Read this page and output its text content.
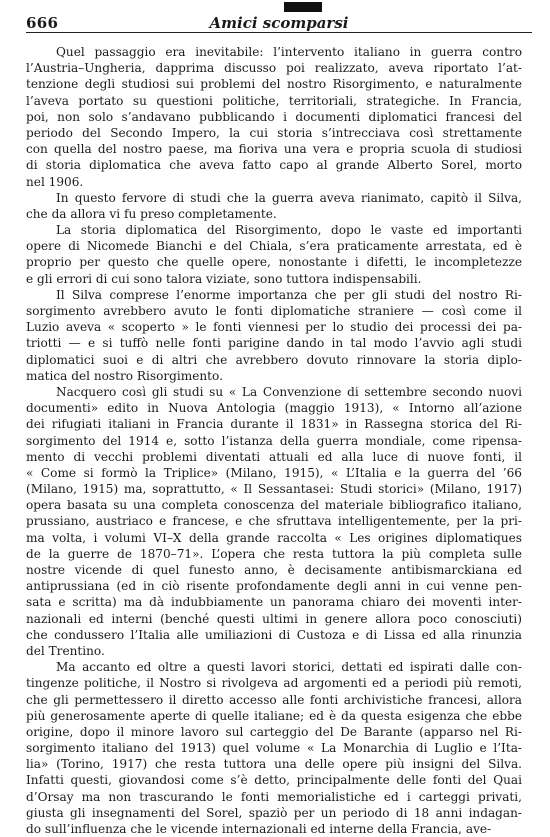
666	Amici scomparsi
Quel passaggio era inevitabile: l’intervento italiano in guerra contro
l’Austria–Ungheria, dapprima discusso poi realizzato, aveva riportato l’at-
tenzione degli studiosi sui problemi del nostro Risorgimento, e naturalmente
l’aveva portato su questioni politiche, territoriali, strategiche. In Francia,
poi, non solo s’andavano pubblicando i documenti diplomatici francesi del
periodo del Secondo Impero, la cui storia s’intrecciava così strettamente
con quella del nostro paese, ma fioriva una vera e propria scuola di studiosi
di storia diplomatica che aveva fatto capo al grande Alberto Sorel, morto
nel 1906.
In questo fervore di studi che la guerra aveva rianimato, capitò il Silva,
che da allora vi fu preso completamente.
La storia diplomatica del Risorgimento, dopo le vaste ed importanti
opere di Nicomede Bianchi e del Chiala, s’era praticamente arrestata, ed è
proprio per questo che quelle opere, nonostante i difetti, le incompletezze
e gli errori di cui sono talora viziate, sono tuttora indispensabili.
Il Silva comprese l’enorme importanza che per gli studi del nostro Ri-
sorgimento avrebbero avuto le fonti diplomatiche straniere — così come il
Luzio aveva « scoperto » le fonti viennesi per lo studio dei processi dei pa-
triotti — e si tuffò nelle fonti parigine dando in tal modo l’avvio agli studi
diplomatici suoi e di altri che avrebbero dovuto rinnovare la storia diplo-
matica del nostro Risorgimento.
Nacquero così gli studi su « La Convenzione di settembre secondo nuovi
documenti» edito in Nuova Antologia (maggio 1913), « Intorno all’azione
dei rifugiati italiani in Francia durante il 1831» in Rassegna storica del Ri-
sorgimento del 1914 e, sotto l’istanza della guerra mondiale, come ripensa-
mento di vecchi problemi diventati attuali ed alla luce di nuove fonti, il
« Come si formò la Triplice» (Milano, 1915), « L’Italia e la guerra del ’66
(Milano, 1915) ma, soprattutto, « Il Sessantasei: Studi storici» (Milano, 1917)
opera basata su una completa conoscenza del materiale bibliografico italiano,
prussiano, austriaco e francese, e che sfruttava intelligentemente, per la pri-
ma volta, i volumi VI–X della grande raccolta « Les origines diplomatiques
de la guerre de 1870–71». L’opera che resta tuttora la più completa sulle
nostre vicende di quel funesto anno, è decisamente antibismarckiana ed
antiprussiana (ed in ciò risente profondamente degli anni in cui venne pen-
sata e scritta) ma dà indubbiamente un panorama chiaro dei moventi inter-
nazionali ed interni (benché questi ultimi in genere allora poco conosciuti)
che condussero l’Italia alle umiliazioni di Custoza e di Lissa ed alla rinunzia
del Trentino.
Ma accanto ed oltre a questi lavori storici, dettati ed ispirati dalle con-
tingenze politiche, il Nostro si rivolgeva ad argomenti ed a periodi più remoti,
che gli permettessero il diretto accesso alle fonti archivistiche francesi, allora
più generosamente aperte di quelle italiane; ed è da questa esigenza che ebbe
origine, dopo il minore lavoro sul carteggio del De Barante (apparso nel Ri-
sorgimento italiano del 1913) quel volume « La Monarchia di Luglio e l’Ita-
lia» (Torino, 1917) che resta tuttora una delle opere più insigni del Silva.
Infatti questi, giovandosi come s’è detto, principalmente delle fonti del Quai
d’Orsay ma non trascurando le fonti memorialistiche ed i carteggi privati,
giusta gli insegnamenti del Sorel, spaziò per un periodo di 18 anni indagan-
do sull’influenza che le vicende internazionali ed interne della Francia, ave-
